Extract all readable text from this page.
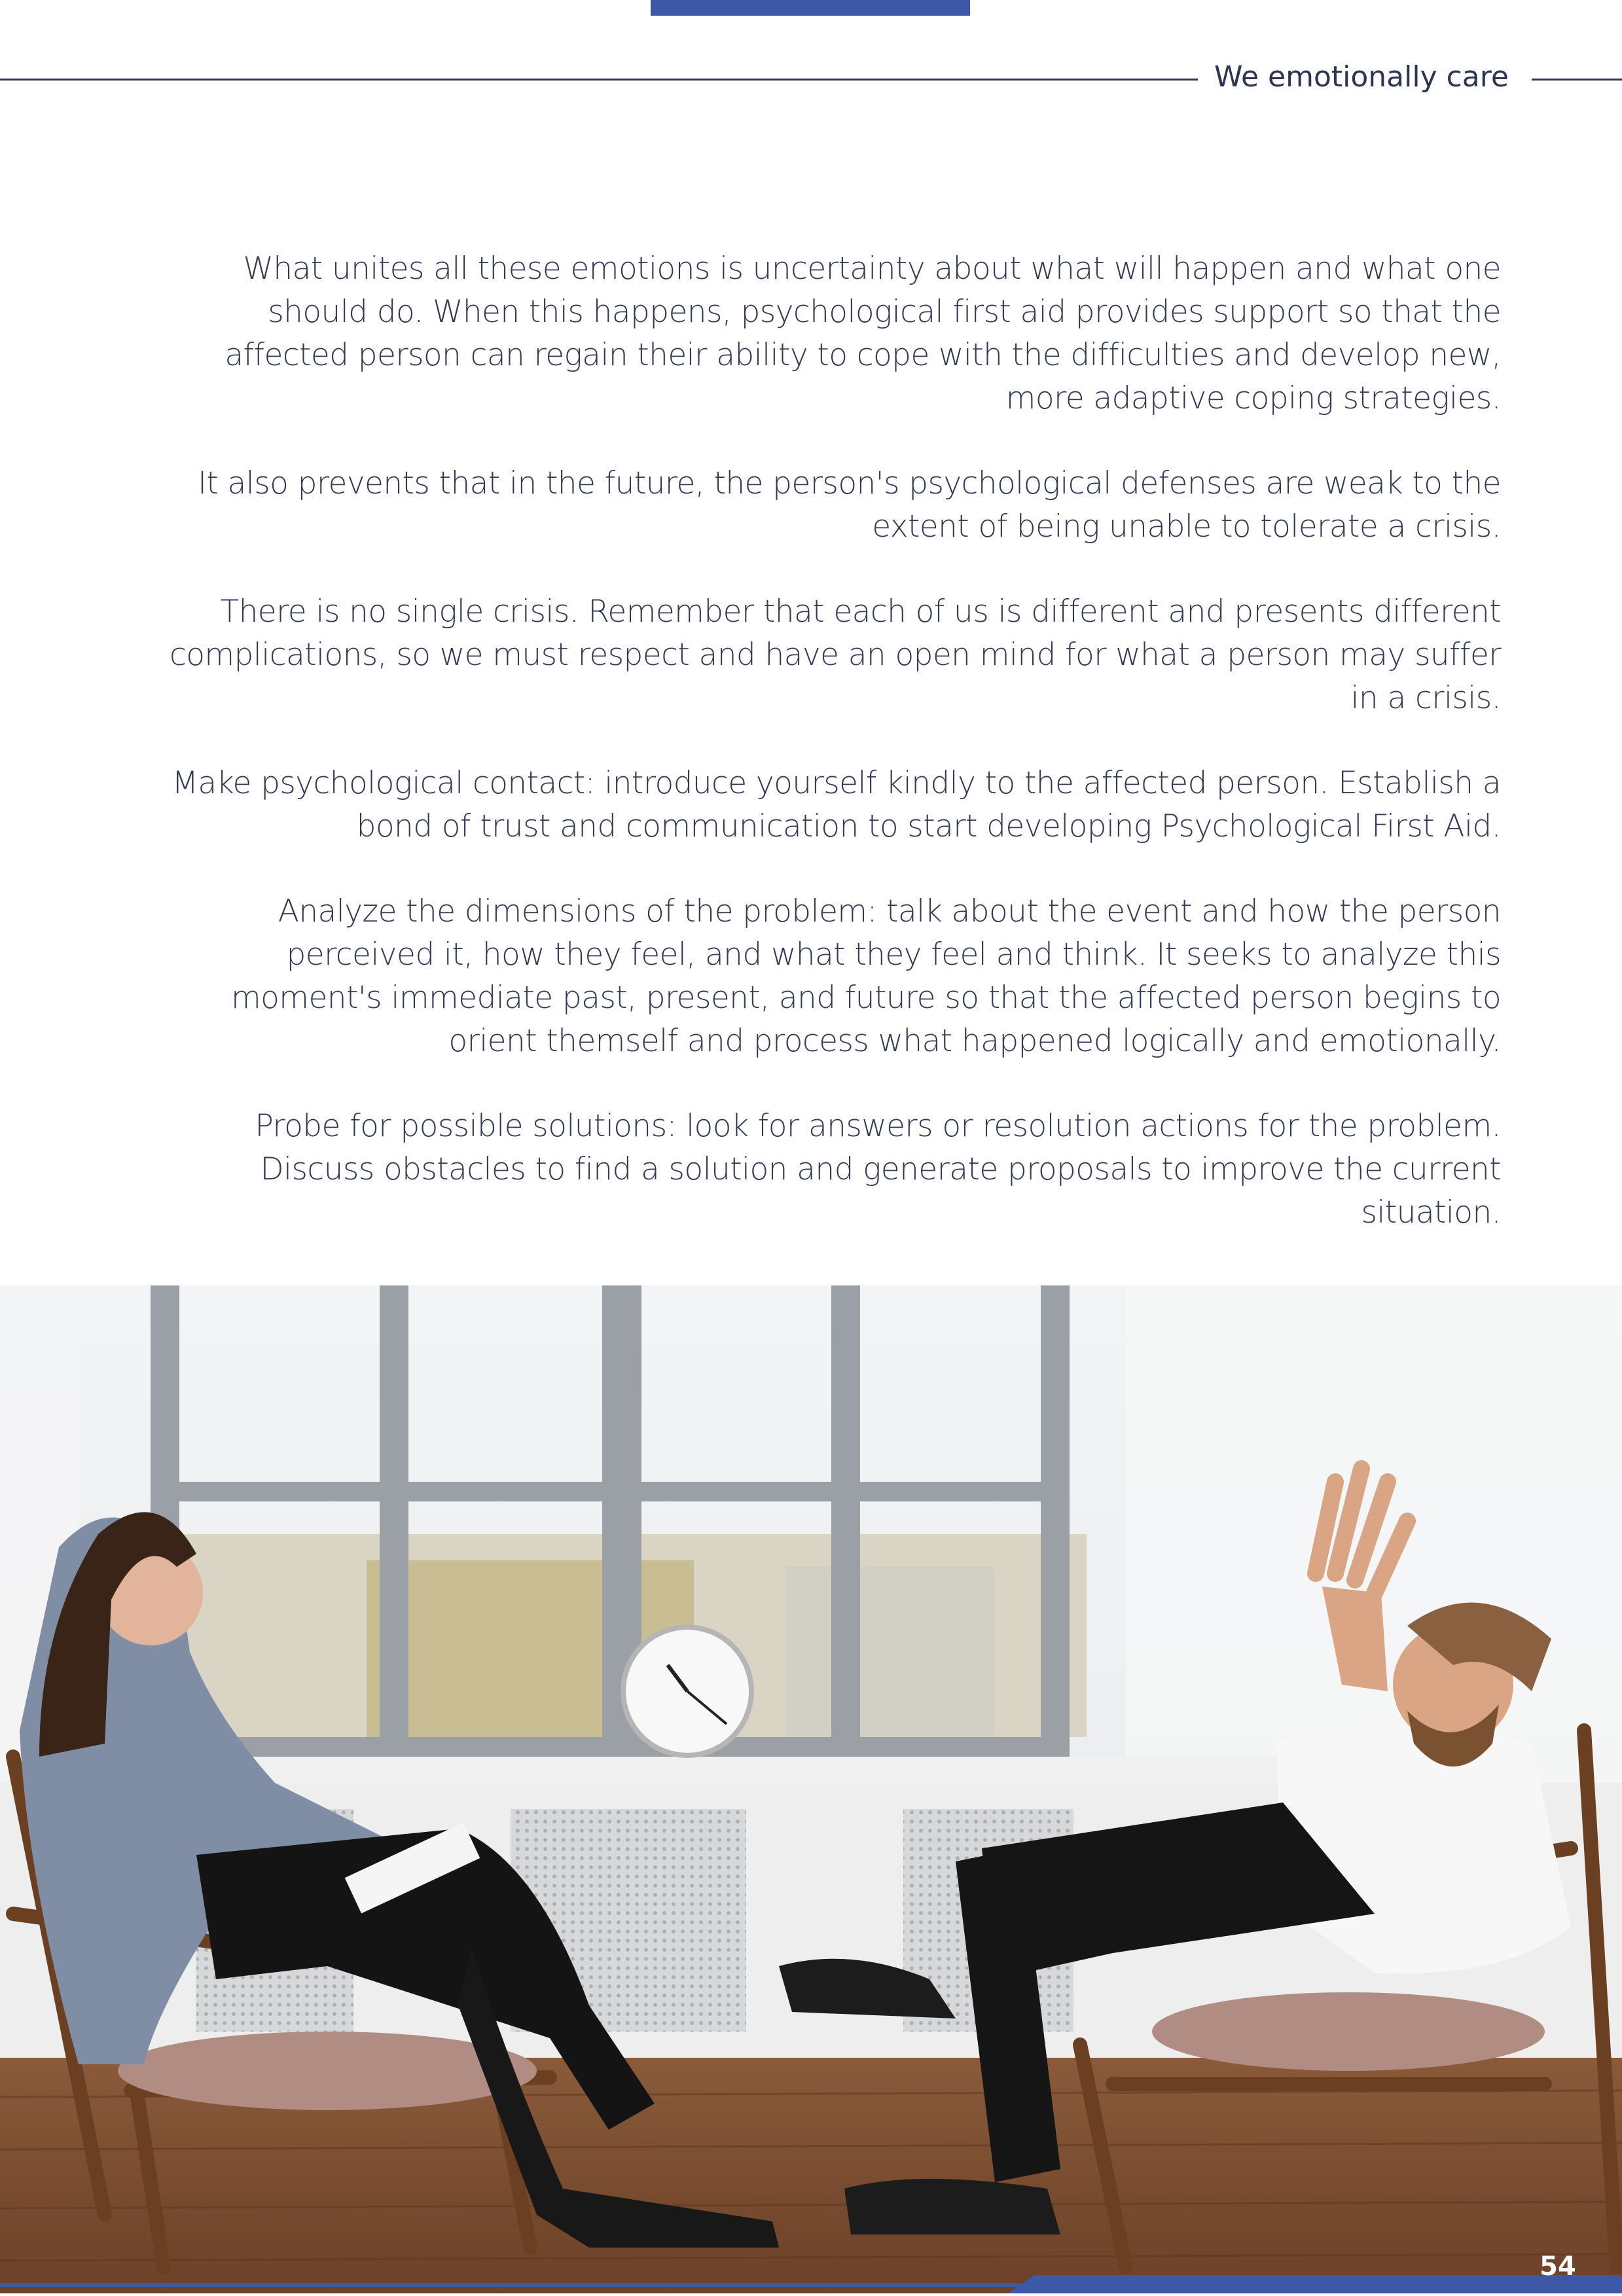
We emotionally care

What unites all these emotions is uncertainty about what will happen and what one should do. When this happens, psychological first aid provides support so that the affected person can regain their ability to cope with the difficulties and develop new, more adaptive coping strategies.

It also prevents that in the future, the person's psychological defenses are weak to the extent of being unable to tolerate a crisis.

There is no single crisis. Remember that each of us is different and presents different complications, so we must respect and have an open mind for what a person may suffer in a crisis.

Make psychological contact: introduce yourself kindly to the affected person. Establish a bond of trust and communication to start developing Psychological First Aid.

Analyze the dimensions of the problem: talk about the event and how the person perceived it, how they feel, and what they feel and think. It seeks to analyze this moment's immediate past, present, and future so that the affected person begins to orient themself and process what happened logically and emotionally.

Probe for possible solutions: look for answers or resolution actions for the problem. Discuss obstacles to find a solution and generate proposals to improve the current situation.

54
